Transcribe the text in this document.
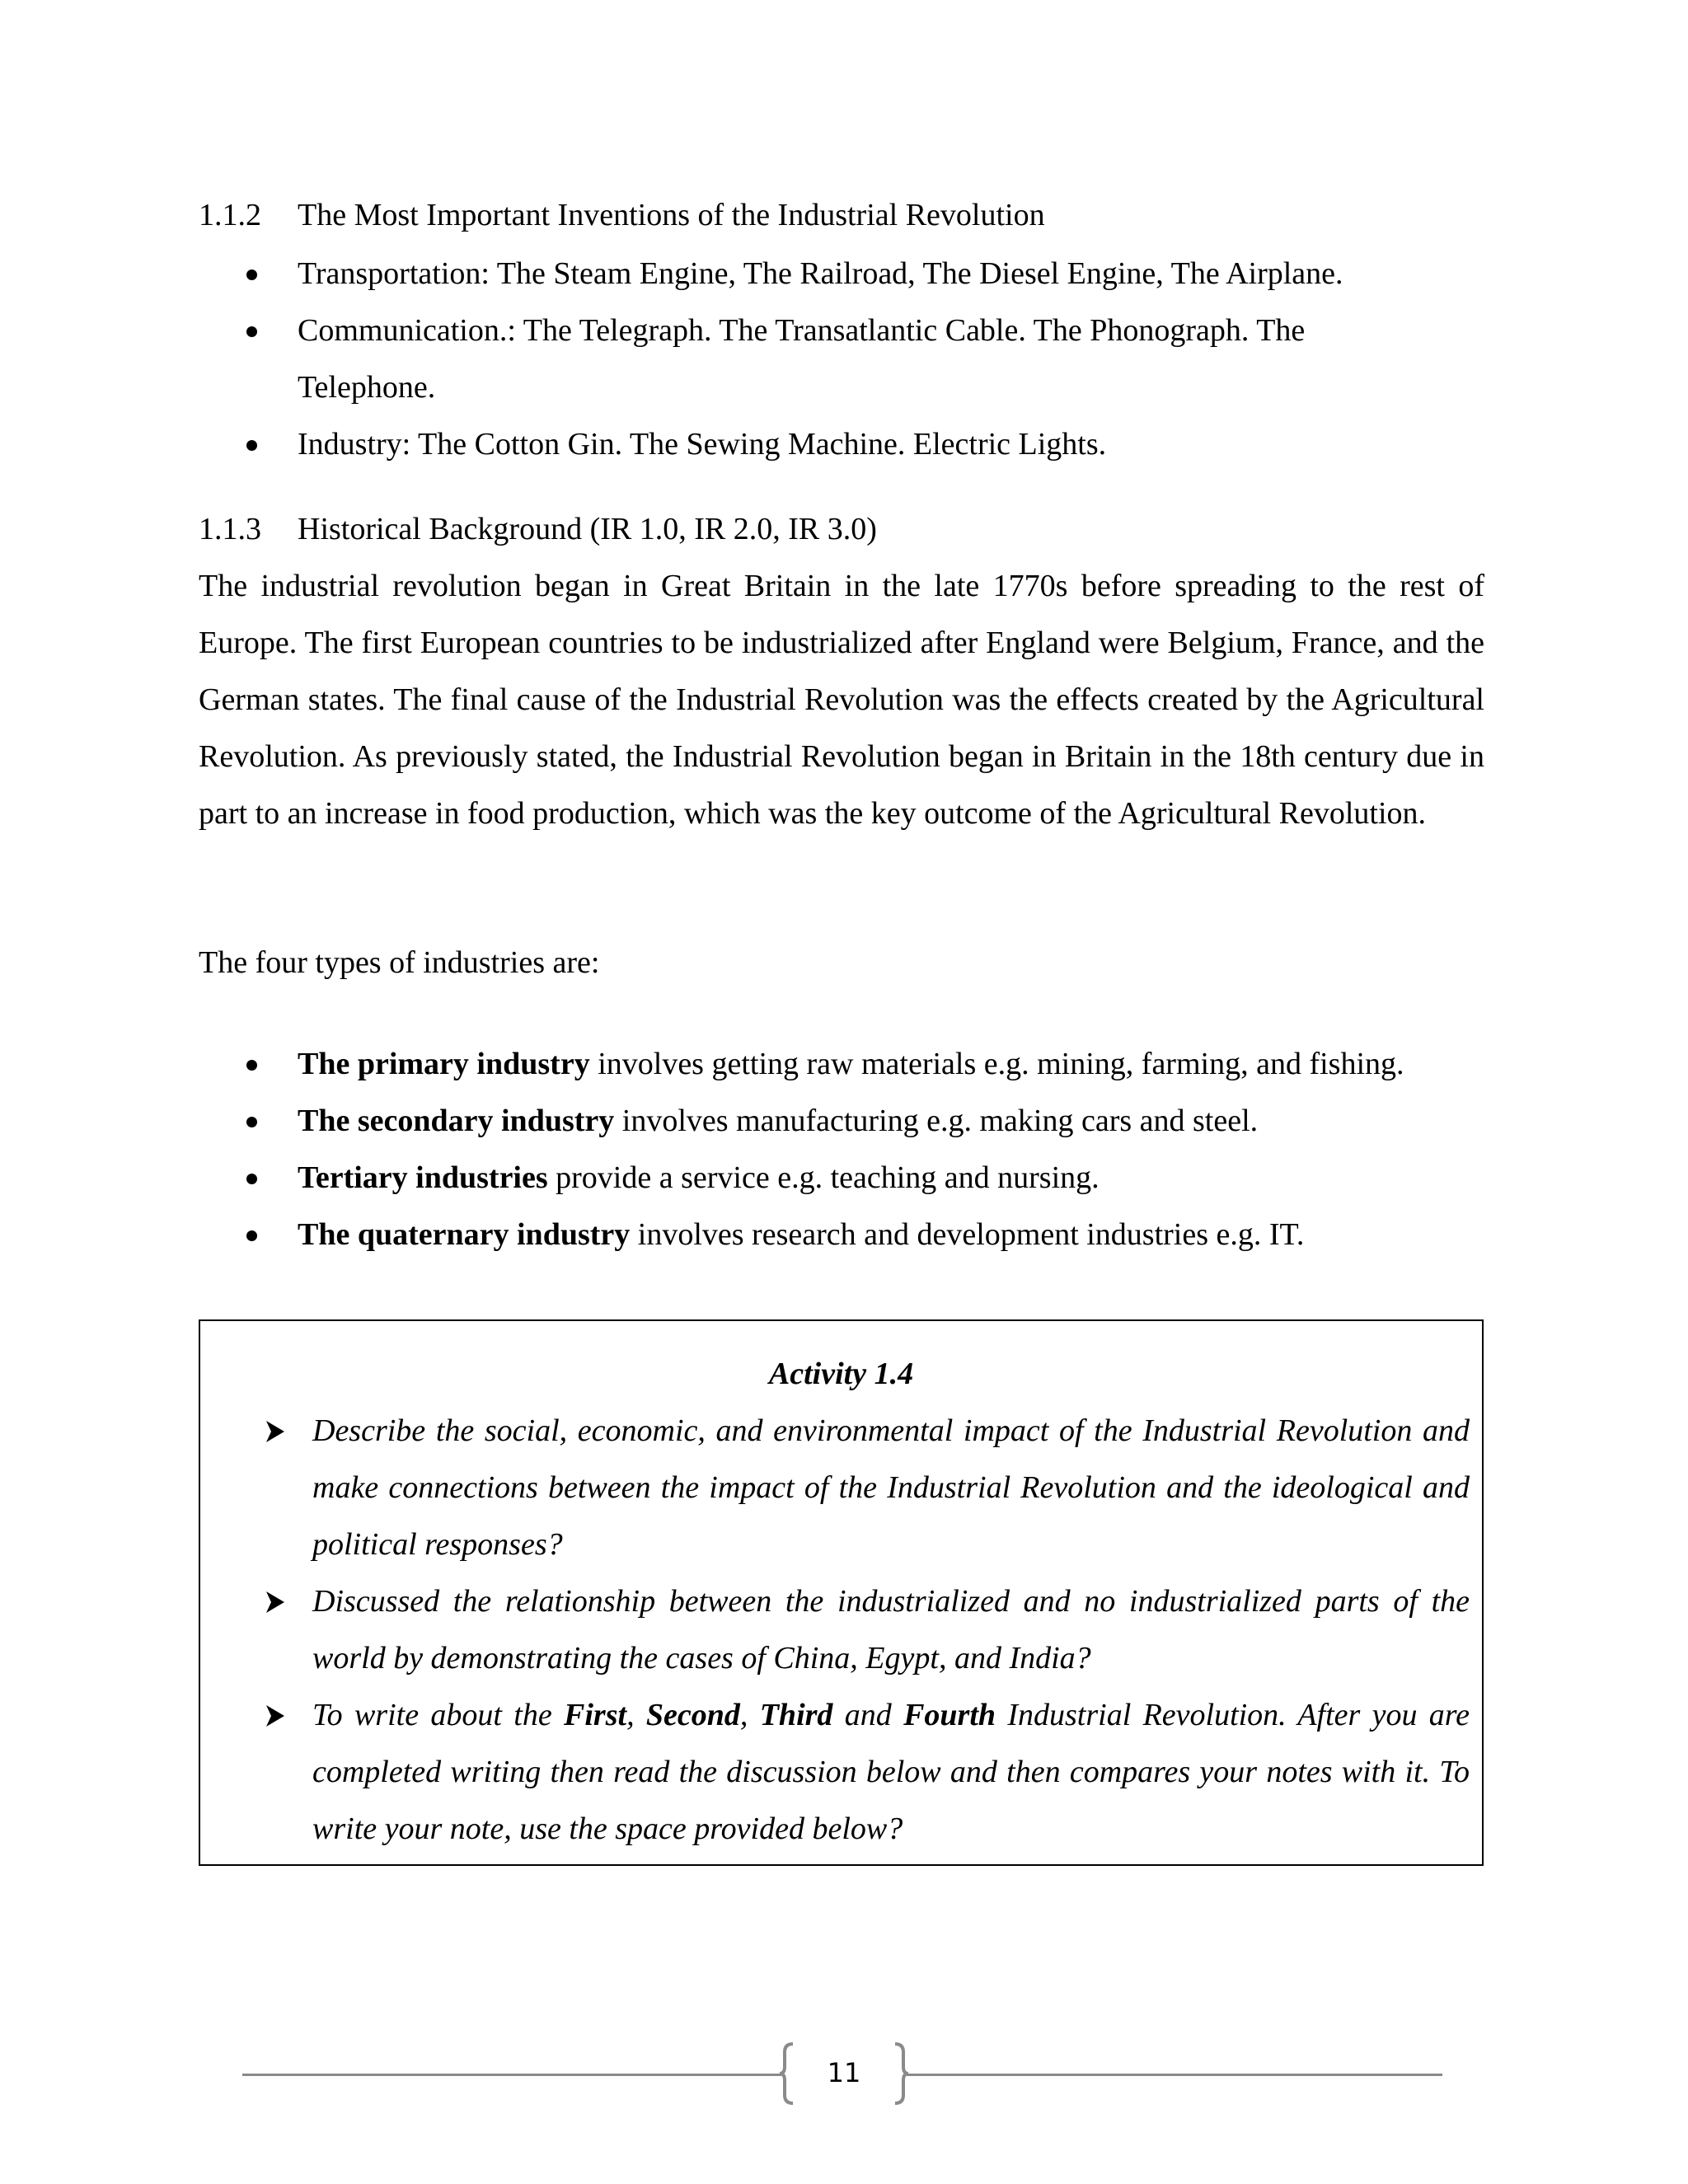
1.1.2 The Most Important Inventions of the Industrial Revolution
Transportation: The Steam Engine, The Railroad, The Diesel Engine, The Airplane.
Communication.: The Telegraph. The Transatlantic Cable. The Phonograph. The Telephone.
Industry: The Cotton Gin. The Sewing Machine. Electric Lights.
1.1.3 Historical Background (IR 1.0, IR 2.0, IR 3.0)

The industrial revolution began in Great Britain in the late 1770s before spreading to the rest of Europe. The first European countries to be industrialized after England were Belgium, France, and the German states. The final cause of the Industrial Revolution was the effects created by the Agricultural Revolution. As previously stated, the Industrial Revolution began in Britain in the 18th century due in part to an increase in food production, which was the key outcome of the Agricultural Revolution.

The four types of industries are:

The primary industry involves getting raw materials e.g. mining, farming, and fishing.
The secondary industry involves manufacturing e.g. making cars and steel.
Tertiary industries provide a service e.g. teaching and nursing.
The quaternary industry involves research and development industries e.g. IT.
Activity 1.4
Describe the social, economic, and environmental impact of the Industrial Revolution and make connections between the impact of the Industrial Revolution and the ideological and political responses?
Discussed the relationship between the industrialized and no industrialized parts of the world by demonstrating the cases of China, Egypt, and India?
To write about the First, Second, Third and Fourth Industrial Revolution. After you are completed writing then read the discussion below and then compares your notes with it. To write your note, use the space provided below?
11
